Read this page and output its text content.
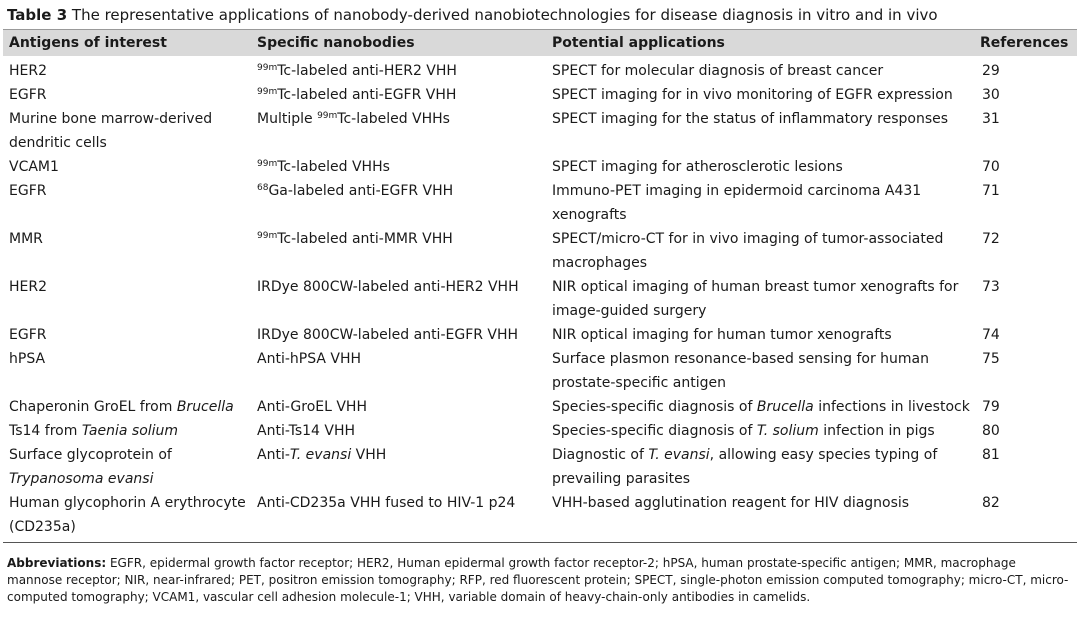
Table 3 The representative applications of nanobody-derived nanobiotechnologies for disease diagnosis in vitro and in vivo
Antigens of interest	Specific nanobodies	Potential applications	References
HER2	$^{99m}$Tc-labeled anti-HER2 VHH	SPECT for molecular diagnosis of breast cancer	29
EGFR	$^{99m}$Tc-labeled anti-EGFR VHH	SPECT imaging for in vivo monitoring of EGFR expression	30
Murine bone marrow-derived dendritic cells	Multiple $^{99m}$Tc-labeled VHHs	SPECT imaging for the status of inflammatory responses	31
VCAM1	$^{99m}$Tc-labeled VHHs	SPECT imaging for atherosclerotic lesions	70
EGFR	$^{68}$Ga-labeled anti-EGFR VHH	Immuno-PET imaging in epidermoid carcinoma A431 xenografts	71
MMR	$^{99m}$Tc-labeled anti-MMR VHH	SPECT/micro-CT for in vivo imaging of tumor-associated macrophages	72
HER2	IRDye 800CW-labeled anti-HER2 VHH	NIR optical imaging of human breast tumor xenografts for image-guided surgery	73
EGFR	IRDye 800CW-labeled anti-EGFR VHH	NIR optical imaging for human tumor xenografts	74
hPSA	Anti-hPSA VHH	Surface plasmon resonance-based sensing for human prostate-specific antigen	75
Chaperonin GroEL from Brucella	Anti-GroEL VHH	Species-specific diagnosis of Brucella infections in livestock	79
Ts14 from Taenia solium	Anti-Ts14 VHH	Species-specific diagnosis of T. solium infection in pigs	80
Surface glycoprotein of Trypanosoma evansi	Anti-T. evansi VHH	Diagnostic of T. evansi, allowing easy species typing of prevailing parasites	81
Human glycophorin A erythrocyte (CD235a)	Anti-CD235a VHH fused to HIV-1 p24	VHH-based agglutination reagent for HIV diagnosis	82
Abbreviations: EGFR, epidermal growth factor receptor; HER2, Human epidermal growth factor receptor-2; hPSA, human prostate-specific antigen; MMR, macrophage mannose receptor; NIR, near-infrared; PET, positron emission tomography; RFP, red fluorescent protein; SPECT, single-photon emission computed tomography; micro-CT, micro-computed tomography; VCAM1, vascular cell adhesion molecule-1; VHH, variable domain of heavy-chain-only antibodies in camelids.
